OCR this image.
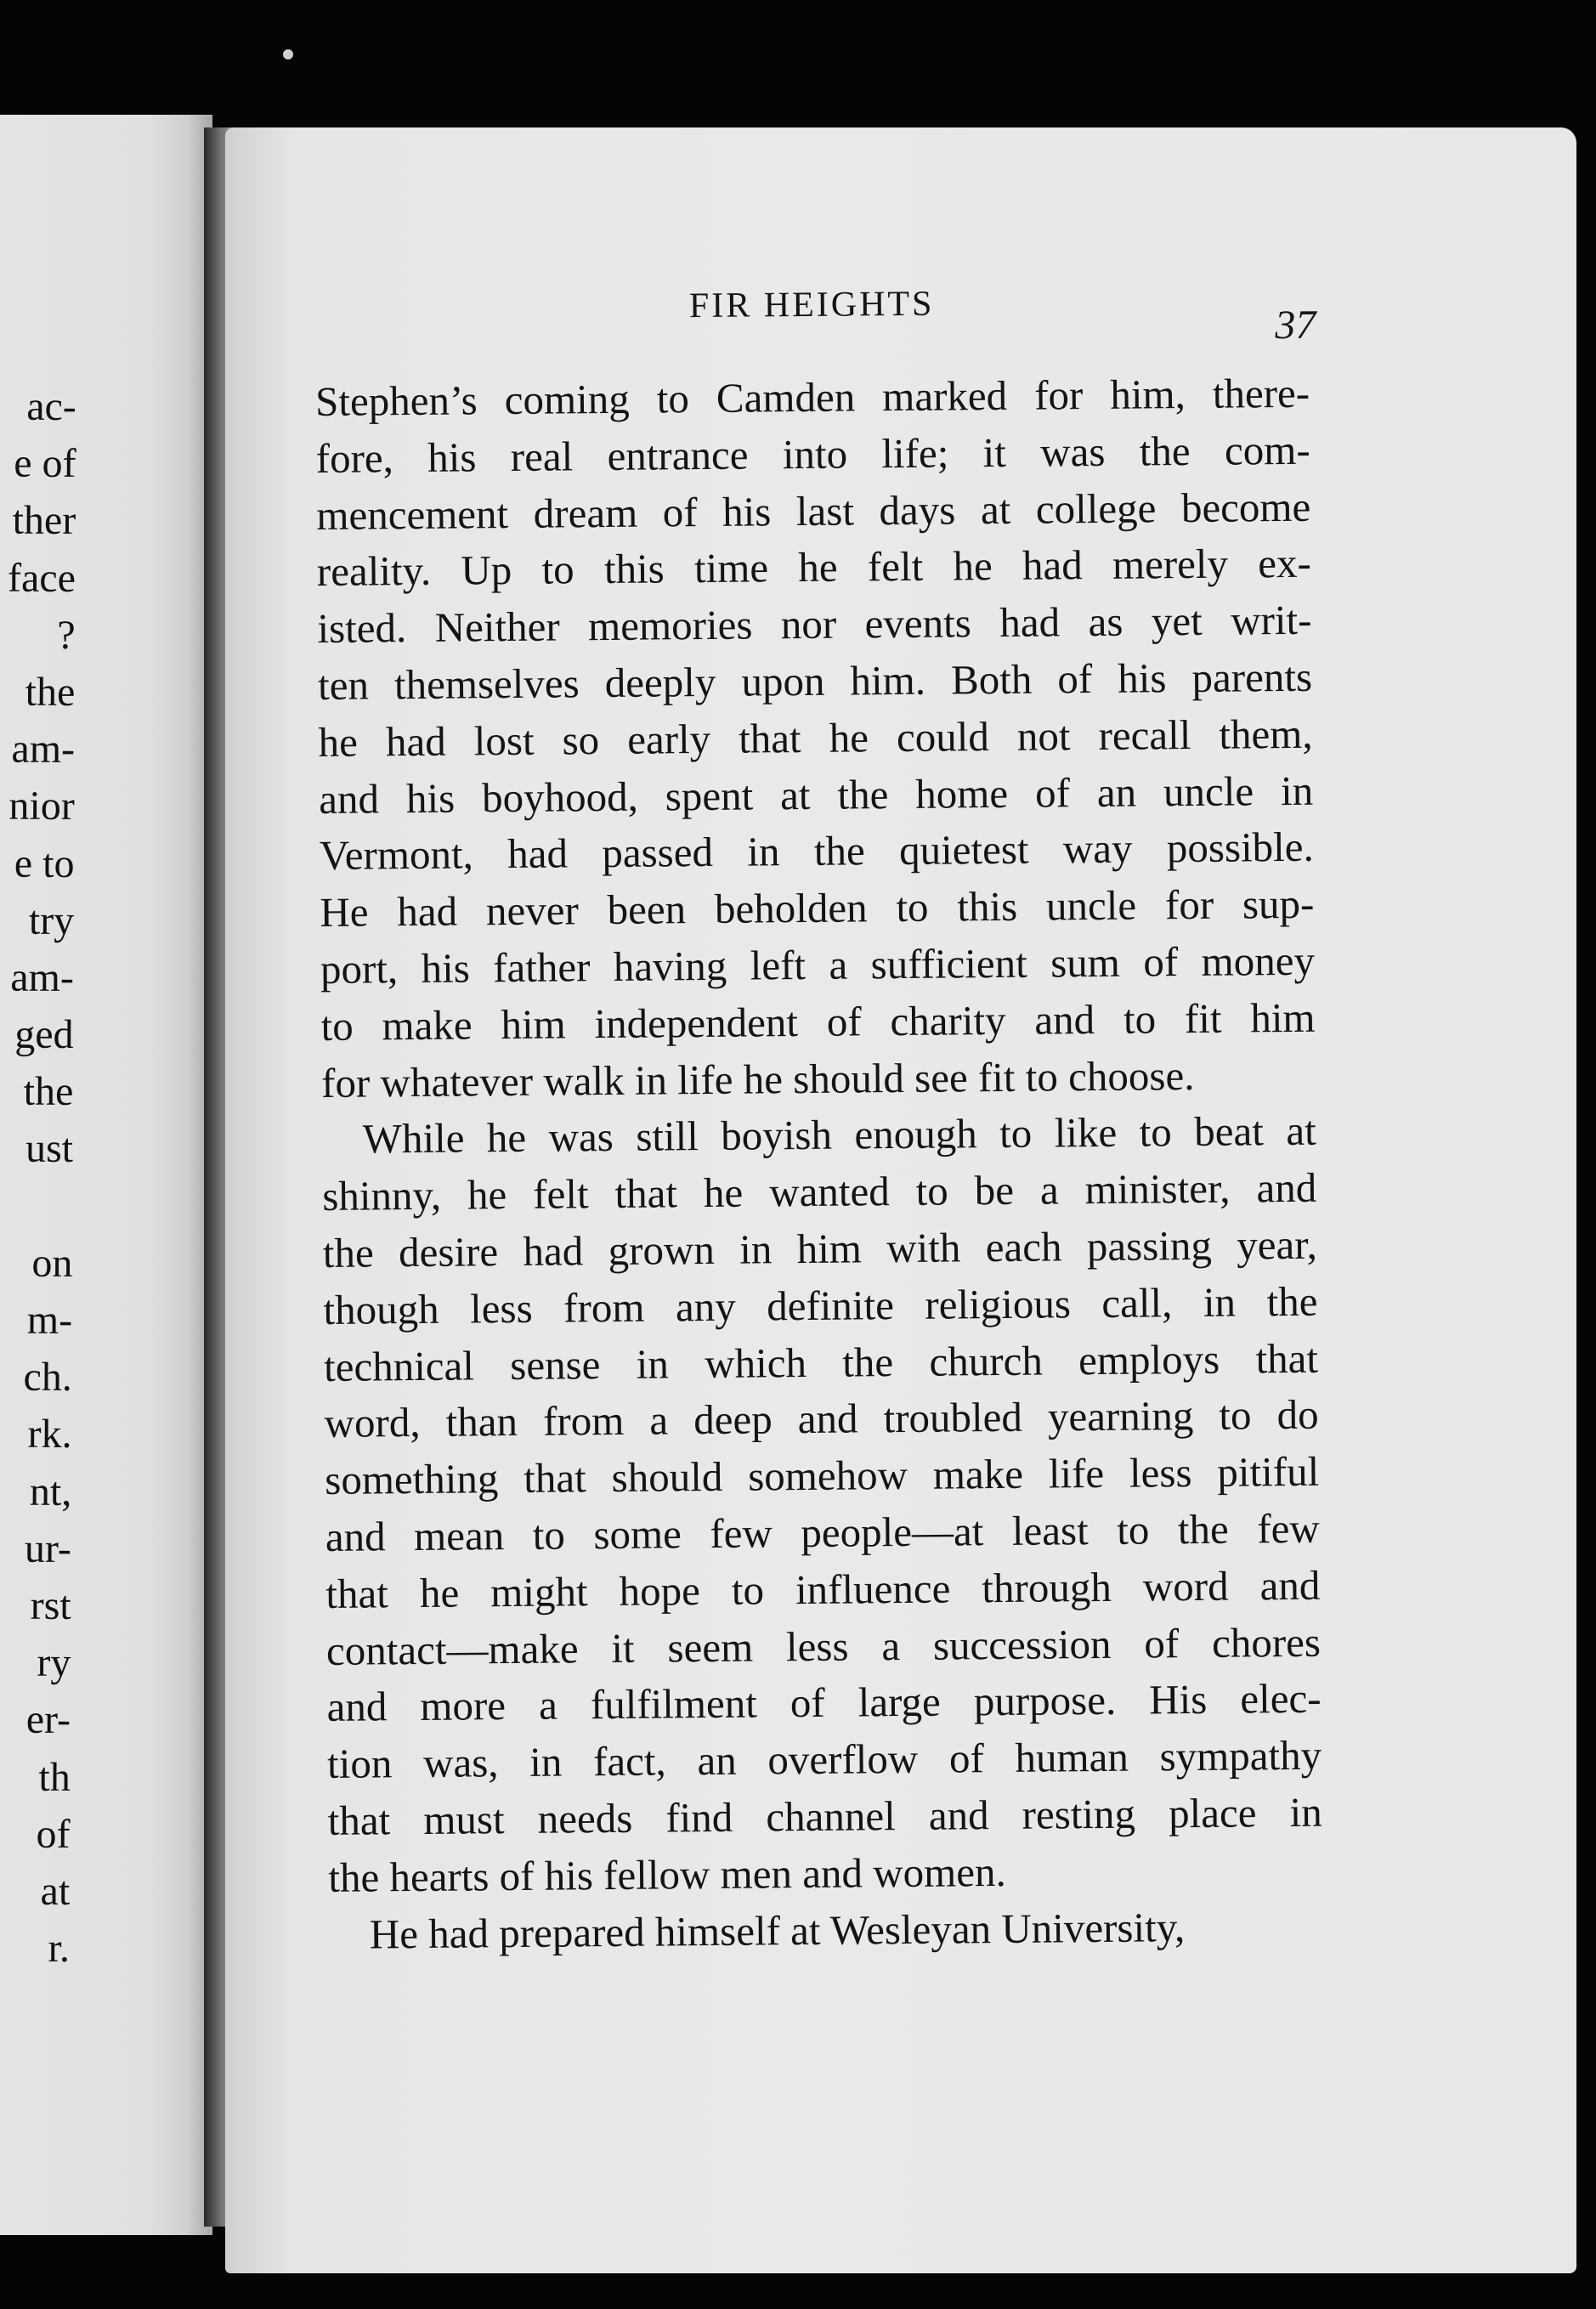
ac-
e of
ther
face
?
the
am-
nior
e to
try
am-
ged
the
ust
on
m-
ch.
rk.
nt,
ur-
rst
ry
er-
th
of
at
r.
FIR HEIGHTS	37
Stephen’s coming to Camden marked for him, there-
fore, his real entrance into life; it was the com-
mencement dream of his last days at college become
reality. Up to this time he felt he had merely ex-
isted. Neither memories nor events had as yet writ-
ten themselves deeply upon him. Both of his parents
he had lost so early that he could not recall them,
and his boyhood, spent at the home of an uncle in
Vermont, had passed in the quietest way possible.
He had never been beholden to this uncle for sup-
port, his father having left a sufficient sum of money
to make him independent of charity and to fit him
for whatever walk in life he should see fit to choose.
While he was still boyish enough to like to beat at
shinny, he felt that he wanted to be a minister, and
the desire had grown in him with each passing year,
though less from any definite religious call, in the
technical sense in which the church employs that
word, than from a deep and troubled yearning to do
something that should somehow make life less pitiful
and mean to some few people—at least to the few
that he might hope to influence through word and
contact—make it seem less a succession of chores
and more a fulfilment of large purpose. His elec-
tion was, in fact, an overflow of human sympathy
that must needs find channel and resting place in
the hearts of his fellow men and women.
He had prepared himself at Wesleyan University,
